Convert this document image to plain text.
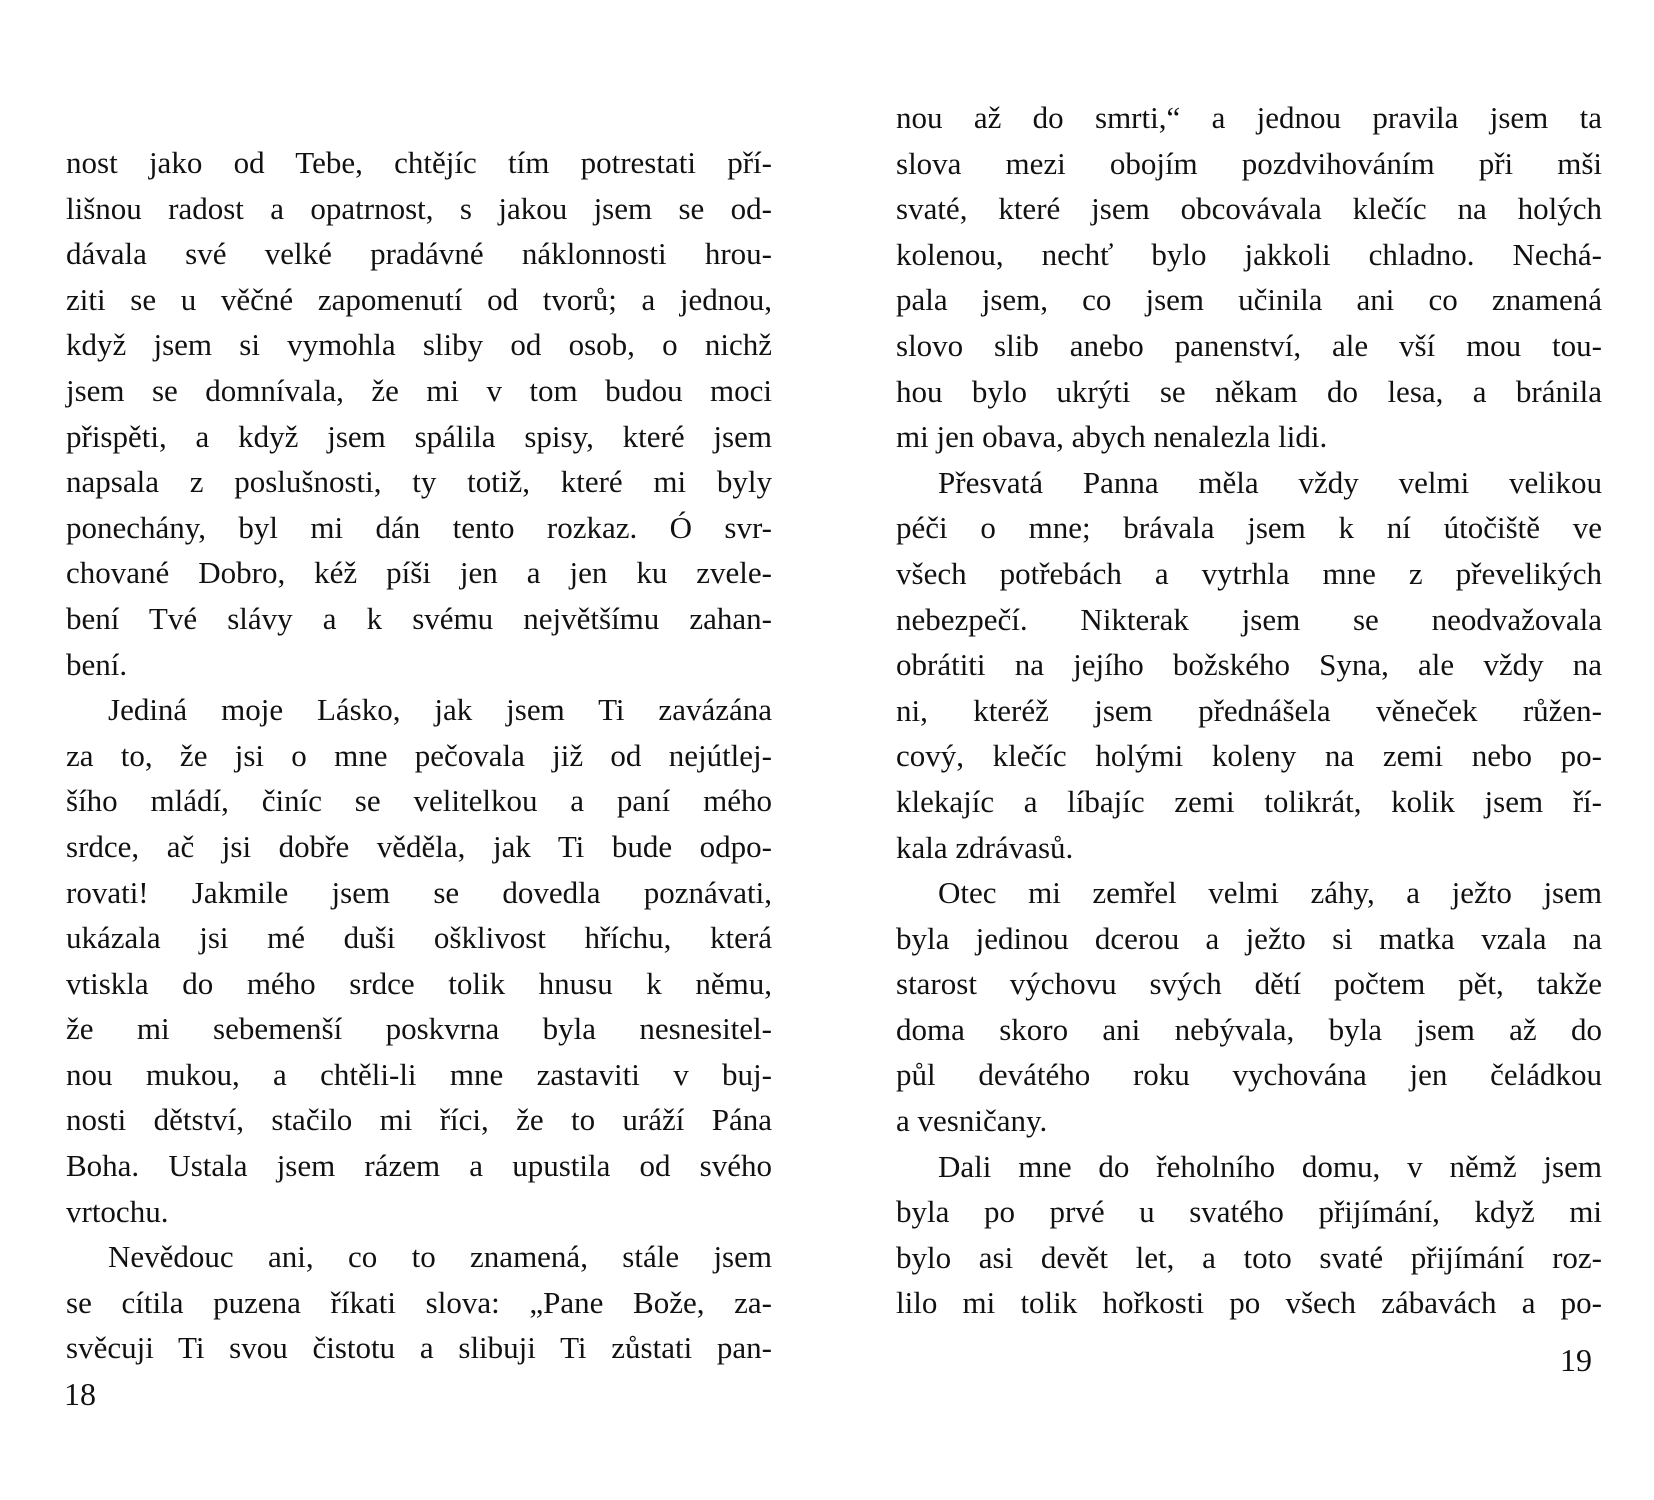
nost jako od Tebe, chtějíc tím potrestati pří-
lišnou radost a opatrnost, s jakou jsem se od-
dávala své velké pradávné náklonnosti hrou-
ziti se u věčné zapomenutí od tvorů; a jednou,
když jsem si vymohla sliby od osob, o nichž
jsem se domnívala, že mi v tom budou moci
přispěti, a když jsem spálila spisy, které jsem
napsala z poslušnosti, ty totiž, které mi byly
ponechány, byl mi dán tento rozkaz. Ó svr-
chované Dobro, kéž píši jen a jen ku zvele-
bení Tvé slávy a k svému největšímu zahan-
bení.
Jediná moje Lásko, jak jsem Ti zavázána
za to, že jsi o mne pečovala již od nejútlej-
šího mládí, činíc se velitelkou a paní mého
srdce, ač jsi dobře věděla, jak Ti bude odpo-
rovati! Jakmile jsem se dovedla poznávati,
ukázala jsi mé duši ošklivost hříchu, která
vtiskla do mého srdce tolik hnusu k němu,
že mi sebemenší poskvrna byla nesnesitel-
nou mukou, a chtěli-li mne zastaviti v buj-
nosti dětství, stačilo mi říci, že to uráží Pána
Boha. Ustala jsem rázem a upustila od svého
vrtochu.
Nevědouc ani, co to znamená, stále jsem
se cítila puzena říkati slova: „Pane Bože, za-
svěcuji Ti svou čistotu a slibuji Ti zůstati pan-
nou až do smrti,“ a jednou pravila jsem ta
slova mezi obojím pozdvihováním při mši
svaté, které jsem obcovávala klečíc na holých
kolenou, nechť bylo jakkoli chladno. Nechá-
pala jsem, co jsem učinila ani co znamená
slovo slib anebo panenství, ale vší mou tou-
hou bylo ukrýti se někam do lesa, a bránila
mi jen obava, abych nenalezla lidi.
Přesvatá Panna měla vždy velmi velikou
péči o mne; brávala jsem k ní útočiště ve
všech potřebách a vytrhla mne z převelikých
nebezpečí. Nikterak jsem se neodvažovala
obrátiti na jejího božského Syna, ale vždy na
ni, kteréž jsem přednášela věneček růžen-
cový, klečíc holými koleny na zemi nebo po-
klekajíc a líbajíc zemi tolikrát, kolik jsem ří-
kala zdrávasů.
Otec mi zemřel velmi záhy, a ježto jsem
byla jedinou dcerou a ježto si matka vzala na
starost výchovu svých dětí počtem pět, takže
doma skoro ani nebývala, byla jsem až do
půl devátého roku vychována jen čeládkou
a vesničany.
Dali mne do řeholního domu, v němž jsem
byla po prvé u svatého přijímání, když mi
bylo asi devět let, a toto svaté přijímání roz-
lilo mi tolik hořkosti po všech zábavách a po-
18
19
